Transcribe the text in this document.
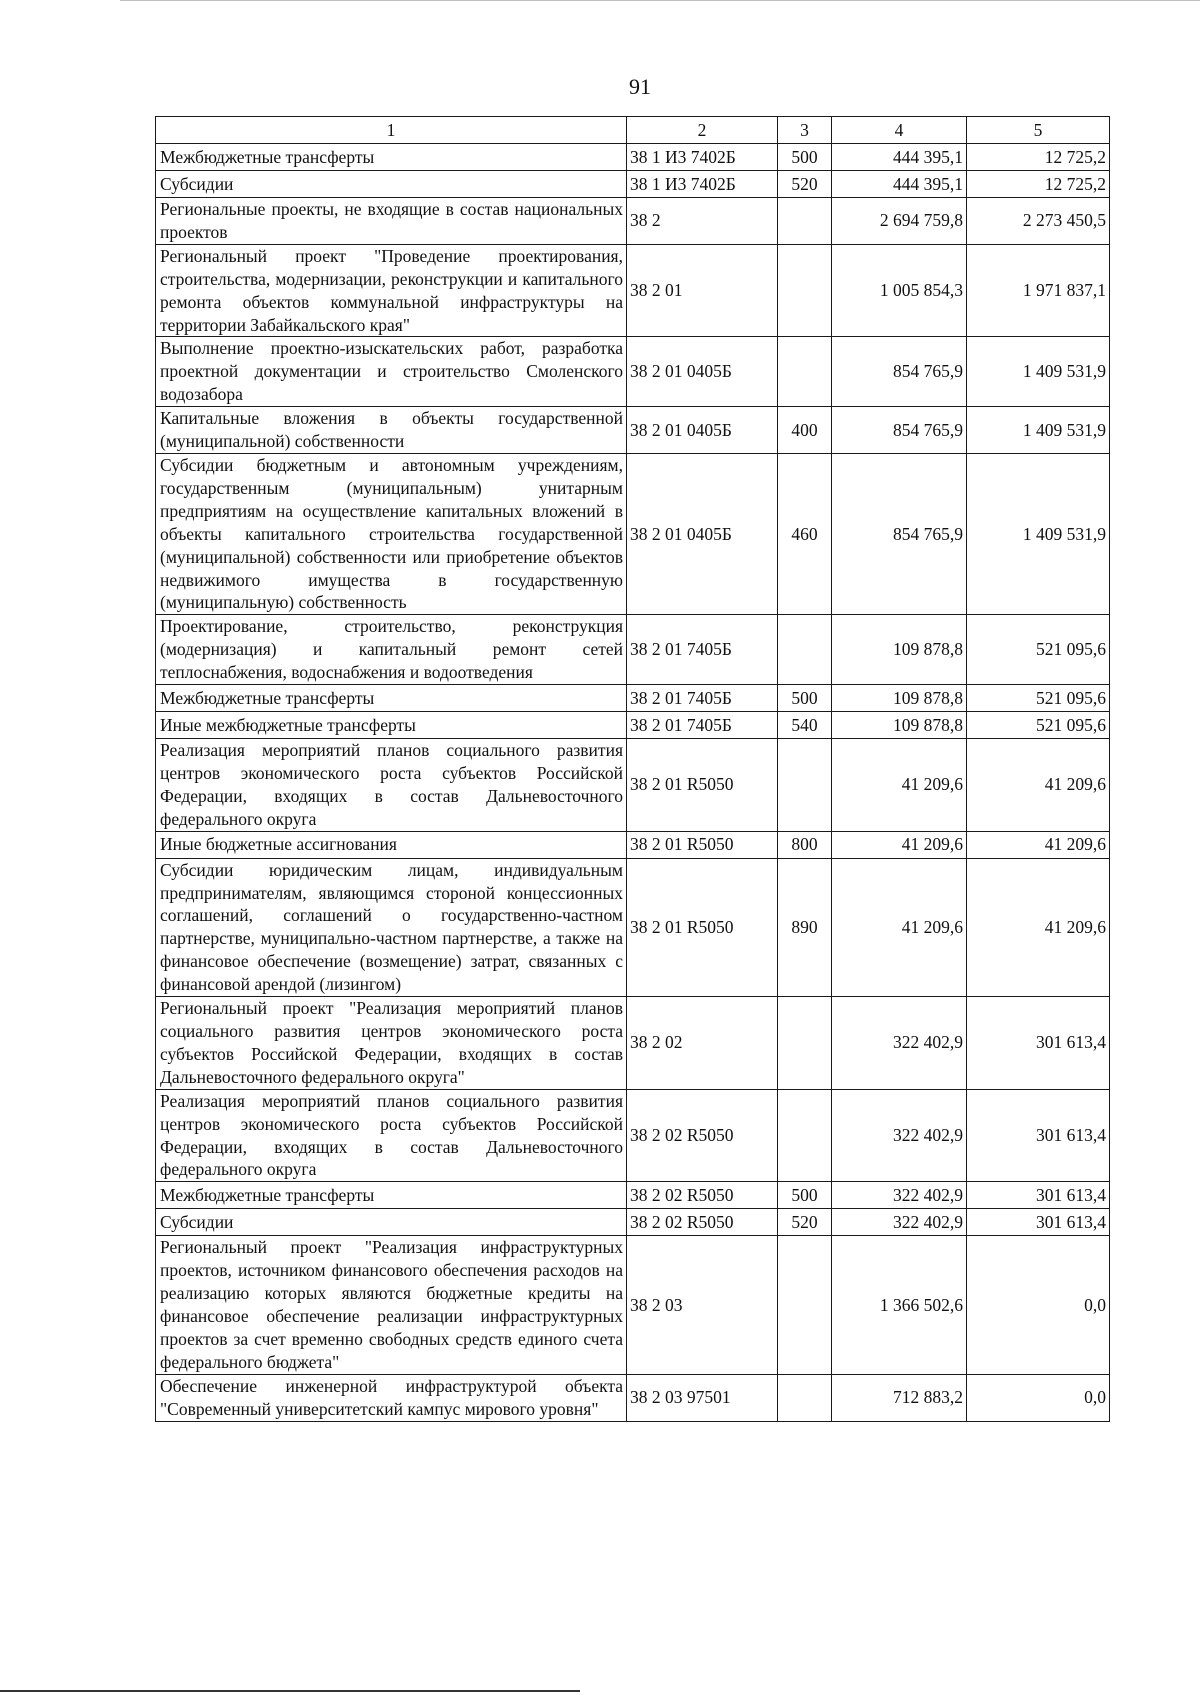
91
1	2	3	4	5
Межбюджетные трансферты	38 1 И3 7402Б	500	444 395,1	12 725,2
Субсидии	38 1 И3 7402Б	520	444 395,1	12 725,2
Региональные проекты, не входящие в состав национальных проектов	38 2		2 694 759,8	2 273 450,5
Региональный проект "Проведение проектирования, строительства, модернизации, реконструкции и капитального ремонта объектов коммунальной инфраструктуры на территории Забайкальского края"	38 2 01		1 005 854,3	1 971 837,1
Выполнение проектно-изыскательских работ, разработка проектной документации и строительство Смоленского водозабора	38 2 01 0405Б		854 765,9	1 409 531,9
Капитальные вложения в объекты государственной (муниципальной) собственности	38 2 01 0405Б	400	854 765,9	1 409 531,9
Субсидии бюджетным и автономным учреждениям, государственным (муниципальным) унитарным предприятиям на осуществление капитальных вложений в объекты капитального строительства государственной (муниципальной) собственности или приобретение объектов недвижимого имущества в государственную (муниципальную) собственность	38 2 01 0405Б	460	854 765,9	1 409 531,9
Проектирование, строительство, реконструкция (модернизация) и капитальный ремонт сетей теплоснабжения, водоснабжения и водоотведения	38 2 01 7405Б		109 878,8	521 095,6
Межбюджетные трансферты	38 2 01 7405Б	500	109 878,8	521 095,6
Иные межбюджетные трансферты	38 2 01 7405Б	540	109 878,8	521 095,6
Реализация мероприятий планов социального развития центров экономического роста субъектов Российской Федерации, входящих в состав Дальневосточного федерального округа	38 2 01 R5050		41 209,6	41 209,6
Иные бюджетные ассигнования	38 2 01 R5050	800	41 209,6	41 209,6
Субсидии юридическим лицам, индивидуальным предпринимателям, являющимся стороной концессионных соглашений, соглашений о государственно-частном партнерстве, муниципально-частном партнерстве, а также на финансовое обеспечение (возмещение) затрат, связанных с финансовой арендой (лизингом)	38 2 01 R5050	890	41 209,6	41 209,6
Региональный проект "Реализация мероприятий планов социального развития центров экономического роста субъектов Российской Федерации, входящих в состав Дальневосточного федерального округа"	38 2 02		322 402,9	301 613,4
Реализация мероприятий планов социального развития центров экономического роста субъектов Российской Федерации, входящих в состав Дальневосточного федерального округа	38 2 02 R5050		322 402,9	301 613,4
Межбюджетные трансферты	38 2 02 R5050	500	322 402,9	301 613,4
Субсидии	38 2 02 R5050	520	322 402,9	301 613,4
Региональный проект "Реализация инфраструктурных проектов, источником финансового обеспечения расходов на реализацию которых являются бюджетные кредиты на финансовое обеспечение реализации инфраструктурных проектов за счет временно свободных средств единого счета федерального бюджета"	38 2 03		1 366 502,6	0,0
Обеспечение инженерной инфраструктурой объекта "Современный университетский кампус мирового уровня"	38 2 03 97501		712 883,2	0,0
